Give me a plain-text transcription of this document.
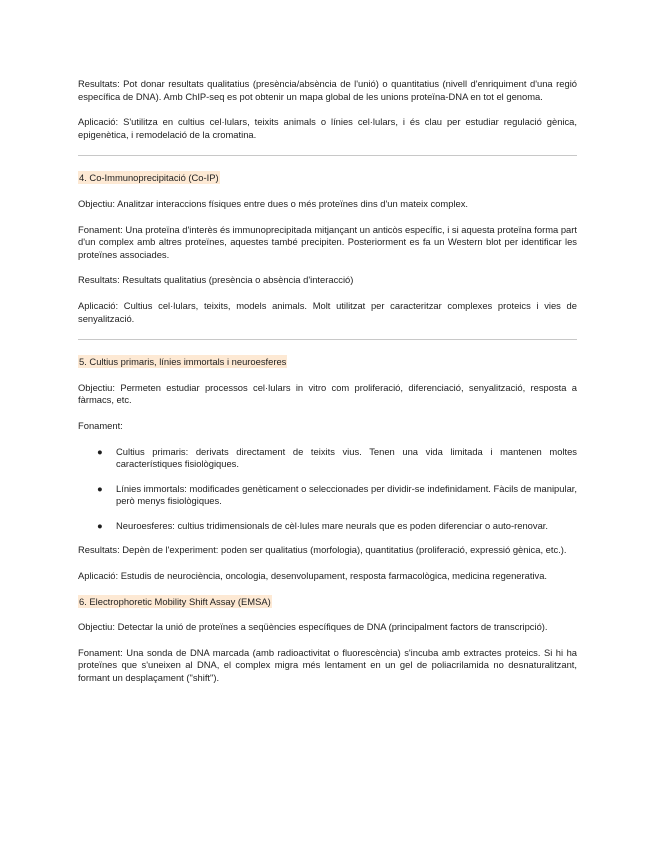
Resultats: Pot donar resultats qualitatius (presència/absència de l'unió) o quantitatius (nivell d'enriquiment d'una regió específica de DNA). Amb ChIP-seq es pot obtenir un mapa global de les unions proteïna-DNA en tot el genoma.

Aplicació: S'utilitza en cultius cel·lulars, teixits animals o línies cel·lulars, i és clau per estudiar regulació gènica, epigenètica, i remodelació de la cromatina.

4. Co-Immunoprecipitació (Co-IP)

Objectiu: Analitzar interaccions físiques entre dues o més proteïnes dins d'un mateix complex.

Fonament: Una proteïna d'interès és immunoprecipitada mitjançant un anticòs específic, i si aquesta proteïna forma part d'un complex amb altres proteïnes, aquestes també precipiten. Posteriorment es fa un Western blot per identificar les proteïnes associades.

Resultats: Resultats qualitatius (presència o absència d'interacció)

Aplicació: Cultius cel·lulars, teixits, models animals. Molt utilitzat per caracteritzar complexes proteics i vies de senyalització.

5. Cultius primaris, línies immortals i neuroesferes

Objectiu: Permeten estudiar processos cel·lulars in vitro com proliferació, diferenciació, senyalització, resposta a fàrmacs, etc.

Fonament:

● Cultius primaris: derivats directament de teixits vius. Tenen una vida limitada i mantenen moltes característiques fisiològiques.
● Línies immortals: modificades genèticament o seleccionades per dividir-se indefinidament. Fàcils de manipular, però menys fisiològiques.
● Neuroesferes: cultius tridimensionals de cèl·lules mare neurals que es poden diferenciar o auto-renovar.

Resultats: Depèn de l'experiment: poden ser qualitatius (morfologia), quantitatius (proliferació, expressió gènica, etc.).

Aplicació: Estudis de neurociència, oncologia, desenvolupament, resposta farmacològica, medicina regenerativa.

6. Electrophoretic Mobility Shift Assay (EMSA)

Objectiu: Detectar la unió de proteïnes a seqüències específiques de DNA (principalment factors de transcripció).

Fonament: Una sonda de DNA marcada (amb radioactivitat o fluorescència) s'incuba amb extractes proteics. Si hi ha proteïnes que s'uneixen al DNA, el complex migra més lentament en un gel de poliacrilamida no desnaturalitzant, formant un desplaçament ("shift").
